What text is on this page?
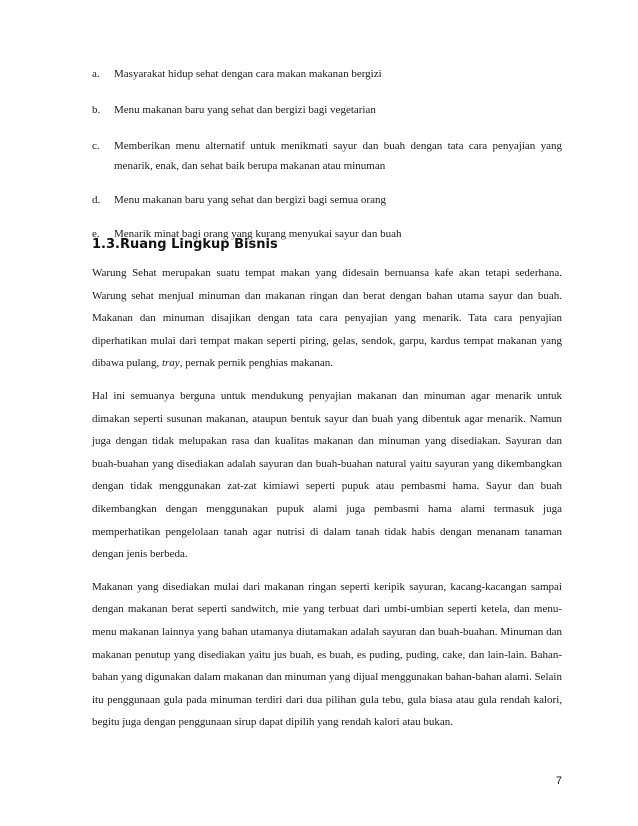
a. Masyarakat hidup sehat dengan cara makan makanan bergizi
b. Menu makanan baru yang sehat dan bergizi bagi vegetarian
c. Memberikan menu alternatif untuk menikmati sayur dan buah dengan tata cara penyajian yang menarik, enak, dan sehat baik berupa makanan atau minuman
d. Menu makanan baru yang sehat dan bergizi bagi semua orang
e. Menarik minat bagi orang yang kurang menyukai sayur dan buah
1.3.Ruang Lingkup Bisnis

Warung Sehat merupakan suatu tempat makan yang didesain bernuansa kafe akan tetapi sederhana. Warung sehat menjual minuman dan makanan ringan dan berat dengan bahan utama sayur dan buah. Makanan dan minuman disajikan dengan tata cara penyajian yang menarik. Tata cara penyajian diperhatikan mulai dari tempat makan seperti piring, gelas, sendok, garpu, kardus tempat makanan yang dibawa pulang, tray, pernak pernik penghias makanan.

Hal ini semuanya berguna untuk mendukung penyajian makanan dan minuman agar menarik untuk dimakan seperti susunan makanan, ataupun bentuk sayur dan buah yang dibentuk agar menarik. Namun juga dengan tidak melupakan rasa dan kualitas makanan dan minuman yang disediakan. Sayuran dan buah-buahan yang disediakan adalah sayuran dan buah-buahan natural yaitu sayuran yang dikembangkan dengan tidak menggunakan zat-zat kimiawi seperti pupuk atau pembasmi hama. Sayur dan buah dikembangkan dengan menggunakan pupuk alami juga pembasmi hama alami termasuk juga memperhatikan pengelolaan tanah agar nutrisi di dalam tanah tidak habis dengan menanam tanaman dengan jenis berbeda.

Makanan yang disediakan mulai dari makanan ringan seperti keripik sayuran, kacang-kacangan sampai dengan makanan berat seperti sandwitch, mie yang terbuat dari umbi-umbian seperti ketela, dan menu-menu makanan lainnya yang bahan utamanya diutamakan adalah sayuran dan buah-buahan. Minuman dan makanan penutup yang disediakan yaitu jus buah, es buah, es puding, puding, cake, dan lain-lain. Bahan-bahan yang digunakan dalam makanan dan minuman yang dijual menggunakan bahan-bahan alami. Selain itu penggunaan gula pada minuman terdiri dari dua pilihan gula tebu, gula biasa atau gula rendah kalori, begitu juga dengan penggunaan sirup dapat dipilih yang rendah kalori atau bukan.

7
